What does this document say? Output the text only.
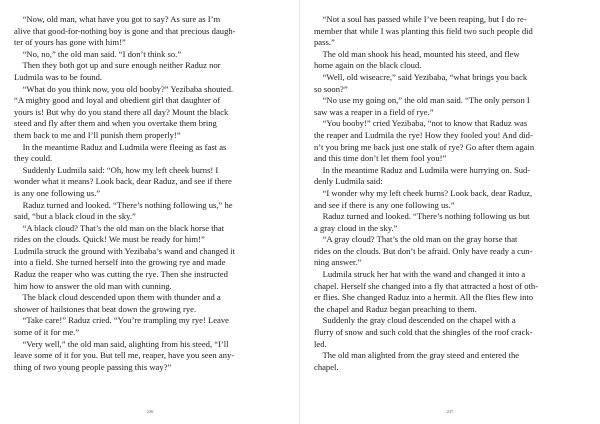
“Now, old man, what have you got to say? As sure as I’m
alive that good-for-nothing boy is gone and that precious daugh-
ter of yours has gone with him!”
“No, no,” the old man said. “I don’t think so.”
Then they both got up and sure enough neither Raduz nor
Ludmila was to be found.
“What do you think now, you old booby?” Yezibaba shouted.
“A mighty good and loyal and obedient girl that daughter of
yours is! But why do you stand there all day? Mount the black
steed and fly after them and when you overtake them bring
them back to me and I’ll punish them properly!”
In the meantime Raduz and Ludmila were fleeing as fast as
they could.
Suddenly Ludmila said: “Oh, how my left cheek burns! I
wonder what it means? Look back, dear Raduz, and see if there
is any one following us.”
Raduz turned and looked. “There’s nothing following us,” he
said, “but a black cloud in the sky.”
“A black cloud? That’s the old man on the black horse that
rides on the clouds. Quick! We must be ready for him!”
Ludmila struck the ground with Yezibaba’s wand and changed it
into a field. She turned herself into the growing rye and made
Raduz the reaper who was cutting the rye. Then she instructed
him how to answer the old man with cunning.
The black cloud descended upon them with thunder and a
shower of hailstones that beat down the growing rye.
“Take care!” Raduz cried. “You’re trampling my rye! Leave
some of it for me.”
“Very well,” the old man said, alighting from his steed, “I’ll
leave some of it for you. But tell me, reaper, have you seen any-
thing of two young people passing this way?”
236
“Not a soul has passed while I’ve been reaping, but I do re-
member that while I was planting this field two such people did
pass.”
The old man shook his head, mounted his steed, and flew
home again on the black cloud.
“Well, old wiseacre,” said Yezibaba, “what brings you back
so soon?”
“No use my going on,” the old man said. “The only person I
saw was a reaper in a field of rye.”
“You booby!” cried Yezibaba, “not to know that Raduz was
the reaper and Ludmila the rye! How they fooled you! And did-
n’t you bring me back just one stalk of rye? Go after them again
and this time don’t let them fool you!”
In the meantime Raduz and Ludmila were hurrying on. Sud-
denly Ludmila said:
“I wonder why my left cheek burns? Look back, dear Raduz,
and see if there is any one following us.”
Raduz turned and looked. “There’s nothing following us but
a gray cloud in the sky.”
“A gray cloud? That’s the old man on the gray horse that
rides on the clouds. But don’t be afraid. Only have ready a cun-
ning answer.”
Ludmila struck her hat with the wand and changed it into a
chapel. Herself she changed into a fly that attracted a host of oth-
er flies. She changed Raduz into a hermit. All the flies flew into
the chapel and Raduz began preaching to them.
Suddenly the gray cloud descended on the chapel with a
flurry of snow and such cold that the shingles of the roof crack-
led.
The old man alighted from the gray steed and entered the
chapel.
237
